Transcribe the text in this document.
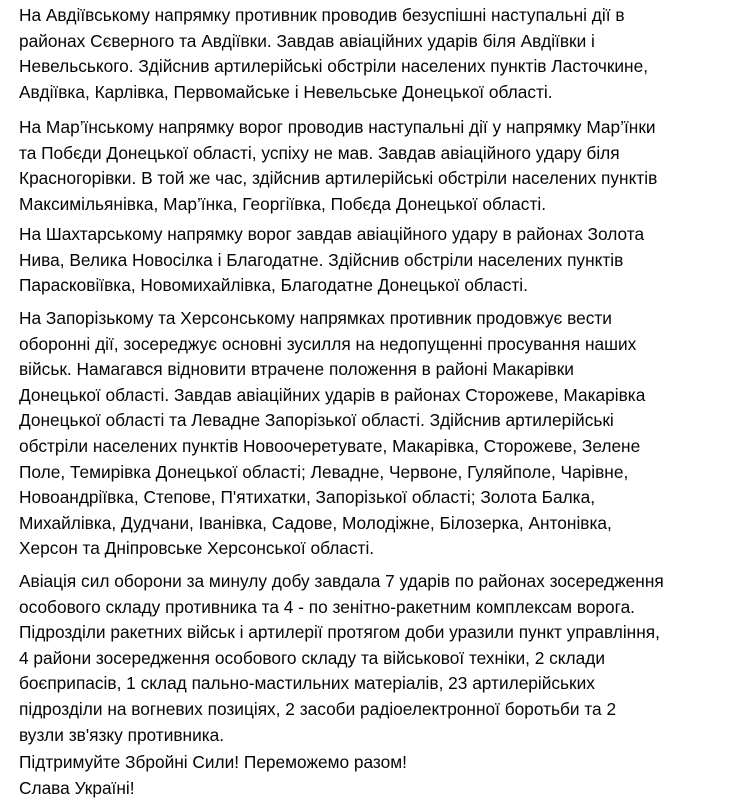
На Авдіївському напрямку противник проводив безуспішні наступальні дії в
районах Сєверного та Авдіївки. Завдав авіаційних ударів біля Авдіївки і
Невельського. Здійснив артилерійські обстріли населених пунктів Ласточкине,
Авдіївка, Карлівка, Первомайське і Невельське Донецької області.

На Мар’їнському напрямку ворог проводив наступальні дії у напрямку Мар’їнки
та Побєди Донецької області, успіху не мав. Завдав авіаційного удару біля
Красногорівки. В той же час, здійснив артилерійські обстріли населених пунктів
Максимільянівка, Мар’їнка, Георгіївка, Побєда Донецької області.

На Шахтарському напрямку ворог завдав авіаційного удару в районах Золота
Нива, Велика Новосілка і Благодатне. Здійснив обстріли населених пунктів
Парасковіївка, Новомихайлівка, Благодатне Донецької області.

На Запорізькому та Херсонському напрямках противник продовжує вести
оборонні дії, зосереджує основні зусилля на недопущенні просування наших
військ. Намагався відновити втрачене положення в районі Макарівки
Донецької області. Завдав авіаційних ударів в районах Сторожеве, Макарівка
Донецької області та Левадне Запорізької області. Здійснив артилерійські
обстріли населених пунктів Новоочеретувате, Макарівка, Сторожеве, Зелене
Поле, Темирівка Донецької області; Левадне, Червоне, Гуляйполе, Чарівне,
Новоандріївка, Степове, П'ятихатки, Запорізької області; Золота Балка,
Михайлівка, Дудчани, Іванівка, Садове, Молодіжне, Білозерка, Антонівка,
Херсон та Дніпровське Херсонської області.

Авіація сил оборони за минулу добу завдала 7 ударів по районах зосередження
особового складу противника та 4 - по зенітно-ракетним комплексам ворога.
Підрозділи ракетних військ і артилерії протягом доби уразили пункт управління,
4 райони зосередження особового складу та військової техніки, 2 склади
боєприпасів, 1 склад пально-мастильних матеріалів, 23 артилерійських
підрозділи на вогневих позиціях, 2 засоби радіоелектронної боротьби та 2
вузли зв'язку противника.

Підтримуйте Збройні Сили! Переможемо разом!
Слава Україні!
